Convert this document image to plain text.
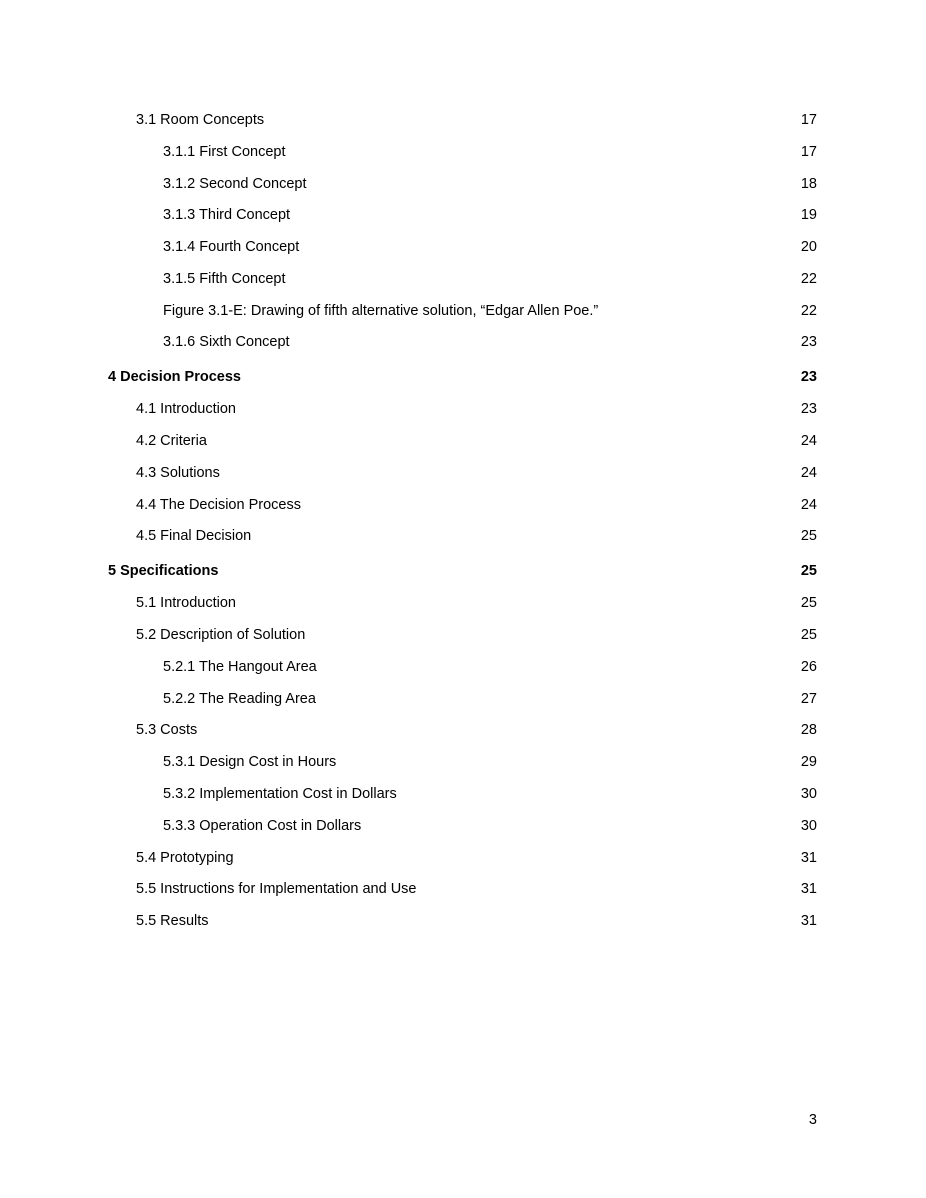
3.1 Room Concepts	17
3.1.1 First Concept	17
3.1.2 Second Concept	18
3.1.3 Third Concept	19
3.1.4 Fourth Concept	20
3.1.5 Fifth Concept	22
Figure 3.1-E: Drawing of fifth alternative solution, “Edgar Allen Poe.”	22
3.1.6 Sixth Concept	23
4 Decision Process	23
4.1 Introduction	23
4.2 Criteria	24
4.3 Solutions	24
4.4 The Decision Process	24
4.5 Final Decision	25
5 Specifications	25
5.1 Introduction	25
5.2 Description of Solution	25
5.2.1 The Hangout Area	26
5.2.2 The Reading Area	27
5.3 Costs	28
5.3.1 Design Cost in Hours	29
5.3.2 Implementation Cost in Dollars	30
5.3.3 Operation Cost in Dollars	30
5.4 Prototyping	31
5.5 Instructions for Implementation and Use	31
5.5 Results	31
3
